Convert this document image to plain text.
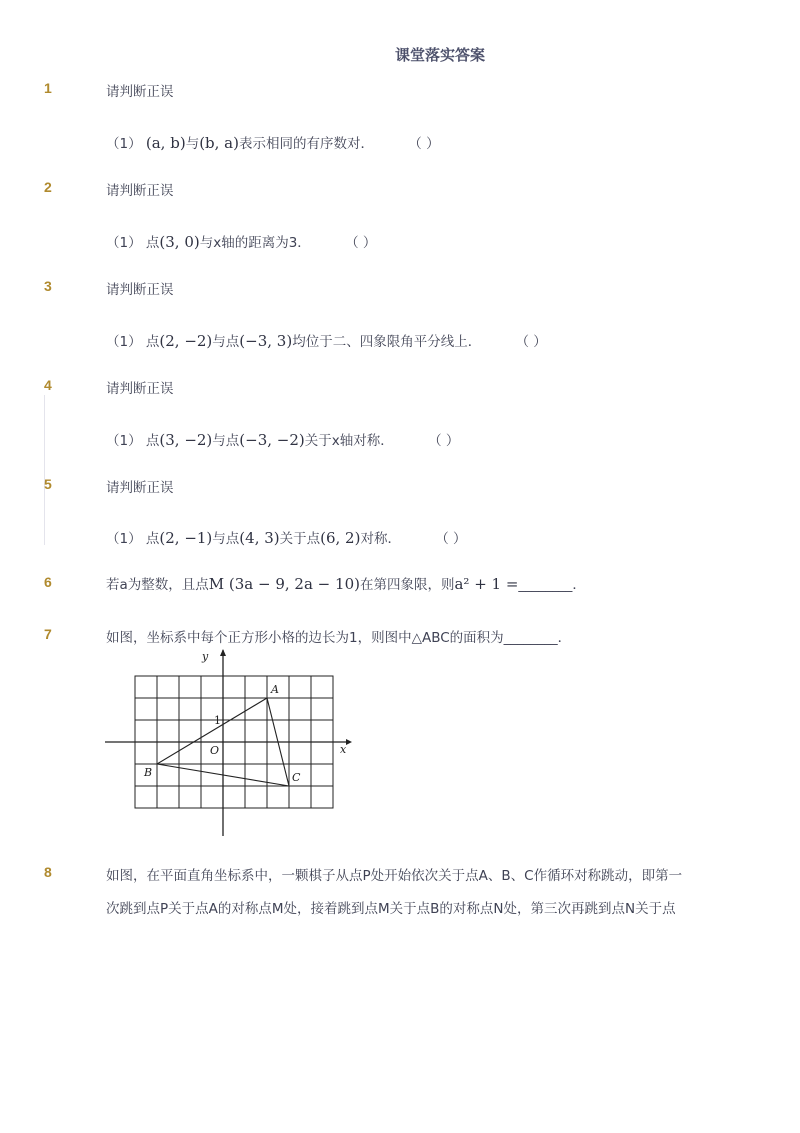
课堂落实答案
1	请判断正误
（1） (a, b)与(b, a)表示相同的有序数对．	（ ）
2	请判断正误
（1） 点(3, 0)与x轴的距离为3．	（ ）
3	请判断正误
（1） 点(2, −2)与点(−3, 3)均位于二、四象限角平分线上．	（ ）
4	请判断正误
（1） 点(3, −2)与点(−3, −2)关于x轴对称．	（ ）
5	请判断正误
（1） 点(2, −1)与点(4, 3)关于点(6, 2)对称．	（ ）
6	若a为整数，且点M (3a − 9, 2a − 10)在第四象限，则a² + 1 =________．
7	如图，坐标系中每个正方形小格的边长为1，则图中△ABC的面积为________．
y
x
O
1
A
B	C
8	如图，在平面直角坐标系中，一颗棋子从点P处开始依次关于点A、B、C作循环对称跳动，即第一
次跳到点P关于点A的对称点M处，接着跳到点M关于点B的对称点N处，第三次再跳到点N关于点
